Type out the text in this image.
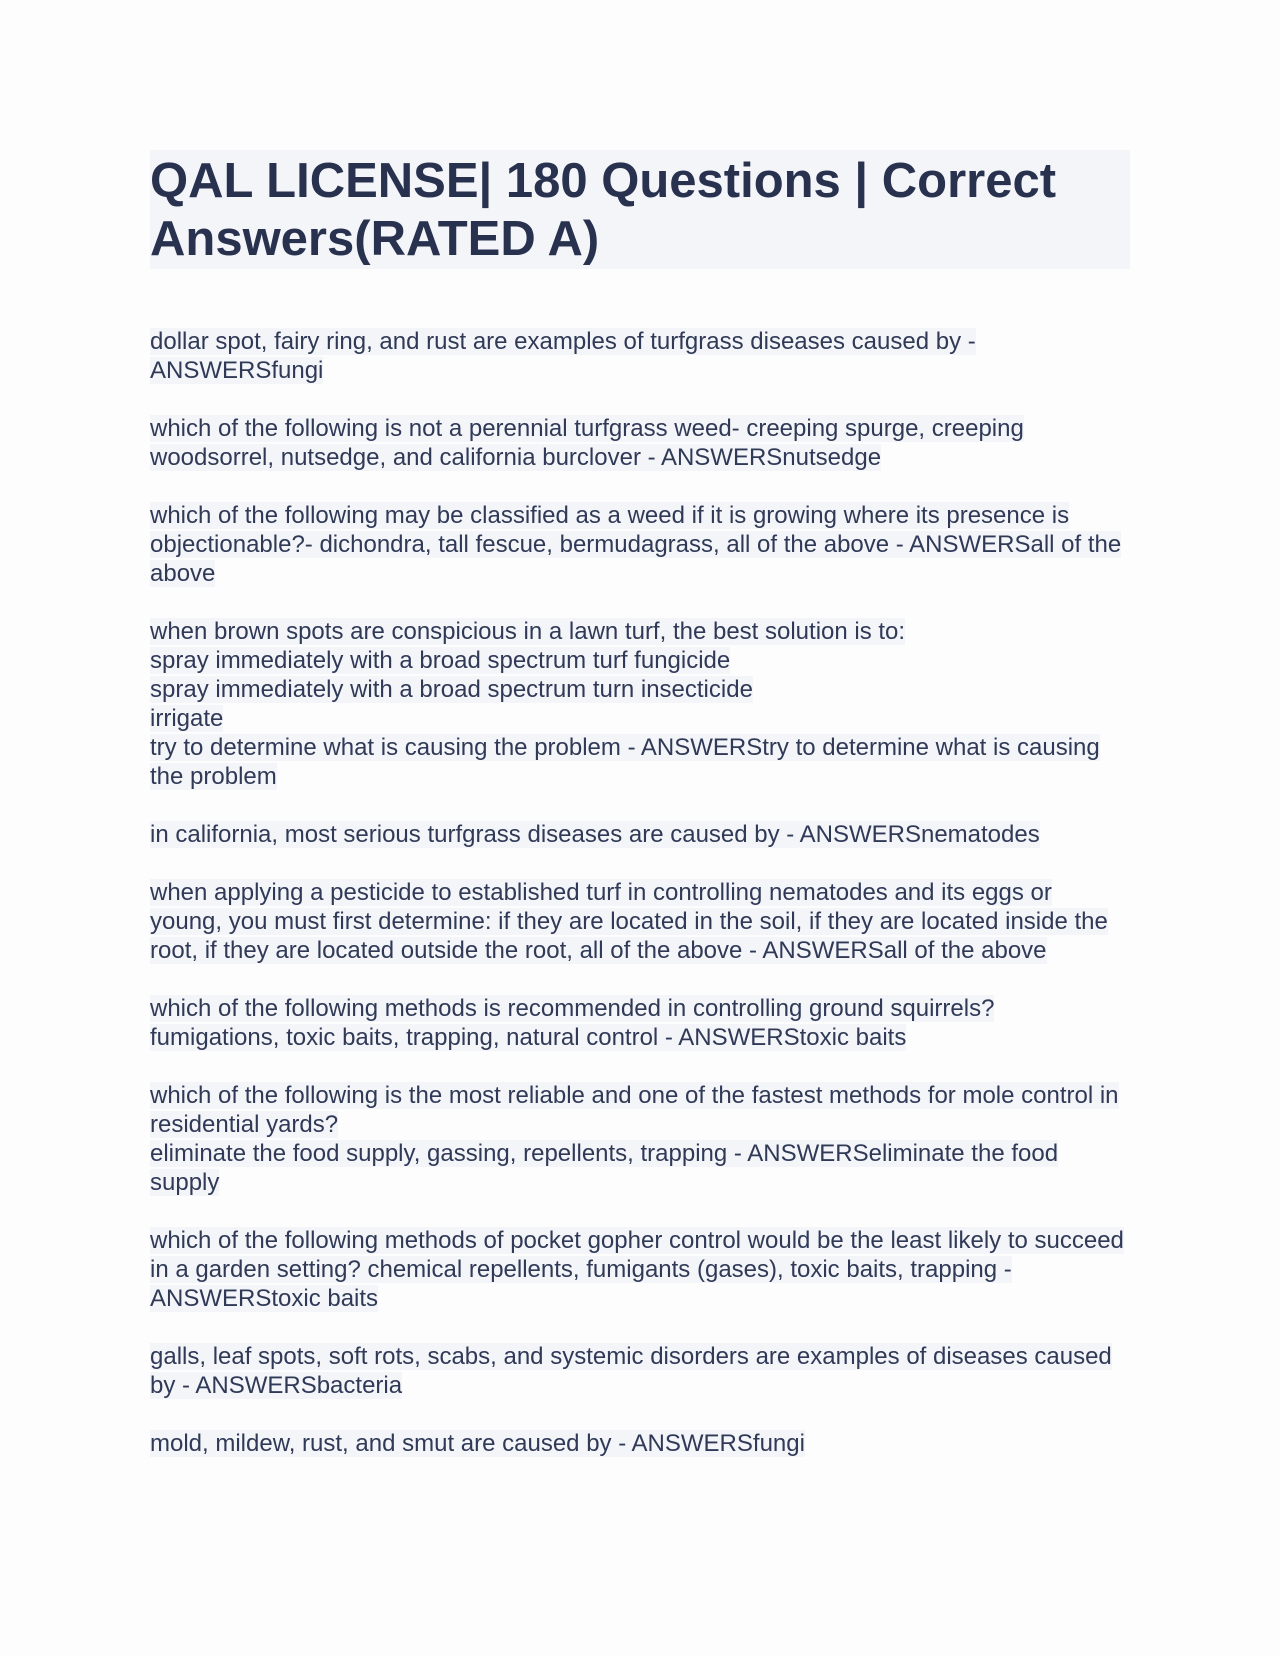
QAL LICENSE| 180 Questions | Correct Answers(RATED A)

dollar spot, fairy ring, and rust are examples of turfgrass diseases caused by - ANSWERSfungi

which of the following is not a perennial turfgrass weed- creeping spurge, creeping woodsorrel, nutsedge, and california burclover - ANSWERSnutsedge

which of the following may be classified as a weed if it is growing where its presence is objectionable?- dichondra, tall fescue, bermudagrass, all of the above - ANSWERSall of the above

when brown spots are conspicious in a lawn turf, the best solution is to:
spray immediately with a broad spectrum turf fungicide
spray immediately with a broad spectrum turn insecticide
irrigate
try to determine what is causing the problem - ANSWERStry to determine what is causing the problem

in california, most serious turfgrass diseases are caused by - ANSWERSnematodes

when applying a pesticide to established turf in controlling nematodes and its eggs or young, you must first determine: if they are located in the soil, if they are located inside the root, if they are located outside the root, all of the above - ANSWERSall of the above

which of the following methods is recommended in controlling ground squirrels?
fumigations, toxic baits, trapping, natural control - ANSWERStoxic baits

which of the following is the most reliable and one of the fastest methods for mole control in residential yards?
eliminate the food supply, gassing, repellents, trapping - ANSWERSeliminate the food supply

which of the following methods of pocket gopher control would be the least likely to succeed in a garden setting? chemical repellents, fumigants (gases), toxic baits, trapping - ANSWERStoxic baits

galls, leaf spots, soft rots, scabs, and systemic disorders are examples of diseases caused by - ANSWERSbacteria

mold, mildew, rust, and smut are caused by - ANSWERSfungi
